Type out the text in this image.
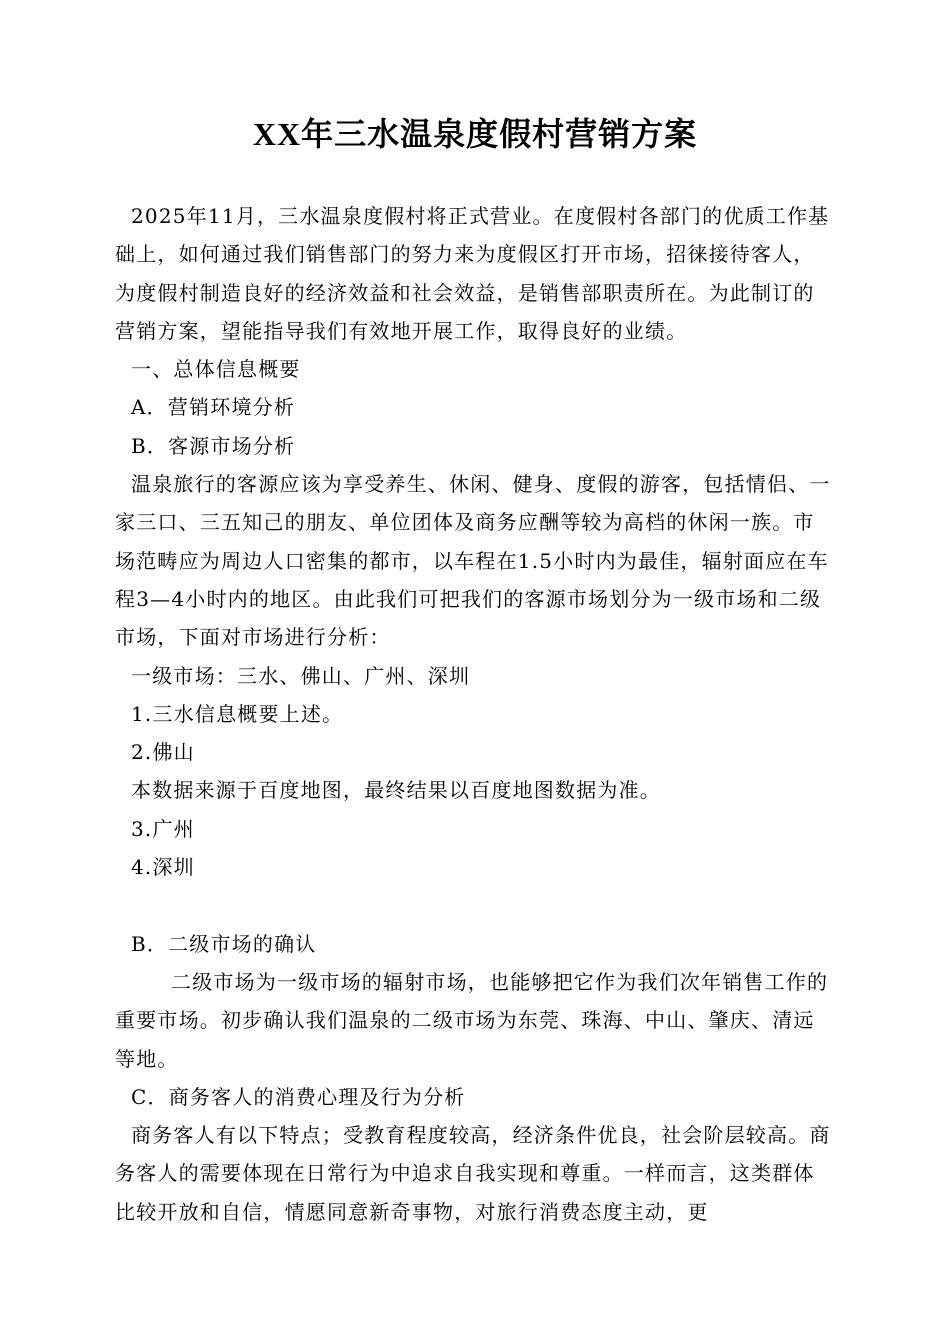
XX年三水温泉度假村营销方案

2025年11月，三水温泉度假村将正式营业。在度假村各部门的优质工作基础上，如何通过我们销售部门的努力来为度假区打开市场，招徕接待客人，为度假村制造良好的经济效益和社会效益，是销售部职责所在。为此制订的营销方案，望能指导我们有效地开展工作，取得良好的业绩。

一、总体信息概要

A．营销环境分析

B．客源市场分析

温泉旅行的客源应该为享受养生、休闲、健身、度假的游客，包括情侣、一家三口、三五知己的朋友、单位团体及商务应酬等较为高档的休闲一族。市场范畴应为周边人口密集的都市，以车程在1.5小时内为最佳，辐射面应在车程3—4小时内的地区。由此我们可把我们的客源市场划分为一级市场和二级市场，下面对市场进行分析：

一级市场：三水、佛山、广州、深圳

1.三水信息概要上述。

2.佛山

本数据来源于百度地图，最终结果以百度地图数据为准。

3.广州

4.深圳

B．二级市场的确认

二级市场为一级市场的辐射市场，也能够把它作为我们次年销售工作的重要市场。初步确认我们温泉的二级市场为东莞、珠海、中山、肇庆、清远等地。

C．商务客人的消费心理及行为分析

商务客人有以下特点；受教育程度较高，经济条件优良，社会阶层较高。商务客人的需要体现在日常行为中追求自我实现和尊重。一样而言，这类群体比较开放和自信，情愿同意新奇事物，对旅行消费态度主动，更
